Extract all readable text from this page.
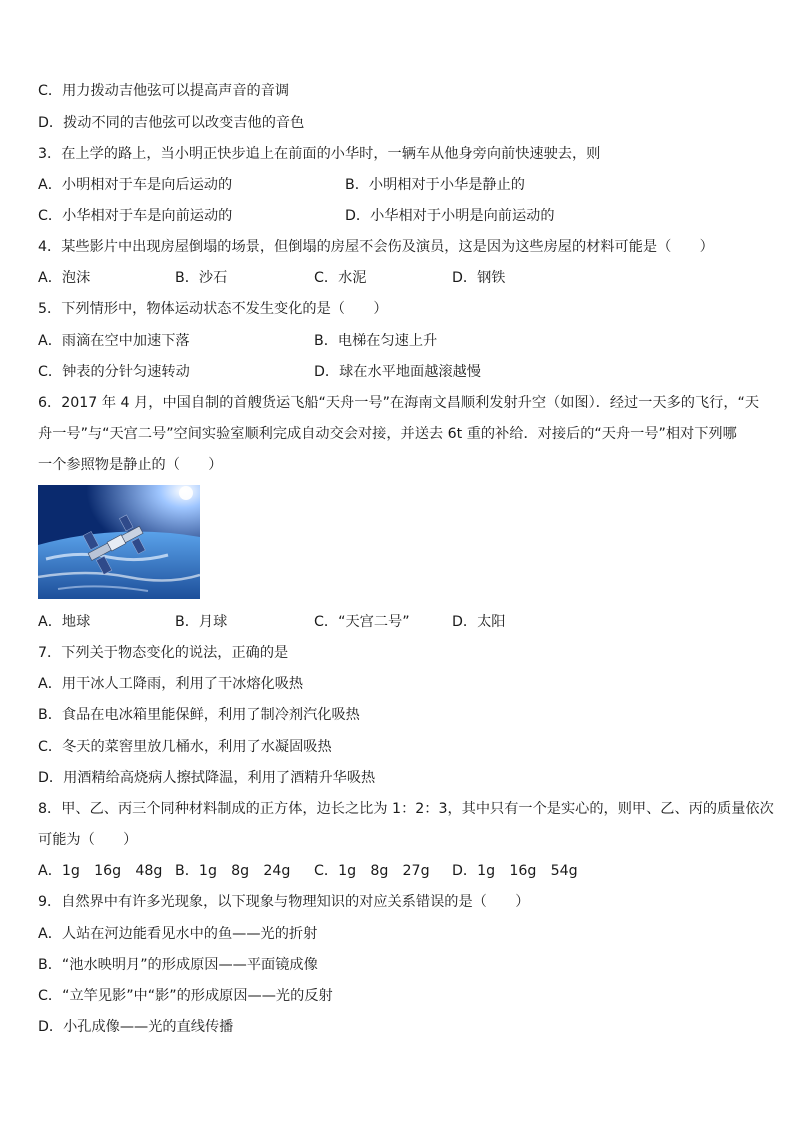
C．用力拨动吉他弦可以提高声音的音调
D．拨动不同的吉他弦可以改变吉他的音色
3．在上学的路上，当小明正快步追上在前面的小华时，一辆车从他身旁向前快速驶去，则
A．小明相对于车是向后运动的	B．小明相对于小华是静止的
C．小华相对于车是向前运动的	D．小华相对于小明是向前运动的
4．某些影片中出现房屋倒塌的场景，但倒塌的房屋不会伤及演员，这是因为这些房屋的材料可能是（　　）
A．泡沫	B．沙石	C．水泥	D．钢铁
5．下列情形中，物体运动状态不发生变化的是（　　）
A．雨滴在空中加速下落	B．电梯在匀速上升
C．钟表的分针匀速转动	D．球在水平地面越滚越慢
6．2017 年 4 月，中国自制的首艘货运飞船“天舟一号”在海南文昌顺利发射升空（如图）．经过一天多的飞行，“天
舟一号”与“天宫二号”空间实验室顺利完成自动交会对接，并送去 6t 重的补给．对接后的“天舟一号”相对下列哪
一个参照物是静止的（　　）
A．地球	B．月球	C．“天宫二号”	D．太阳
7．下列关于物态变化的说法，正确的是
A．用干冰人工降雨，利用了干冰熔化吸热
B．食品在电冰箱里能保鲜，利用了制冷剂汽化吸热
C．冬天的菜窖里放几桶水，利用了水凝固吸热
D．用酒精给高烧病人擦拭降温，利用了酒精升华吸热
8．甲、乙、丙三个同种材料制成的正方体，边长之比为 1：2：3，其中只有一个是实心的，则甲、乙、丙的质量依次
可能为（　　）
A．1g　16g　48g B．1g　8g　24g C．1g　8g　27g D．1g　16g　54g
9．自然界中有许多光现象，以下现象与物理知识的对应关系错误的是（　　）
A．人站在河边能看见水中的鱼——光的折射
B．“池水映明月”的形成原因——平面镜成像
C．“立竿见影”中“影”的形成原因——光的反射
D．小孔成像——光的直线传播
